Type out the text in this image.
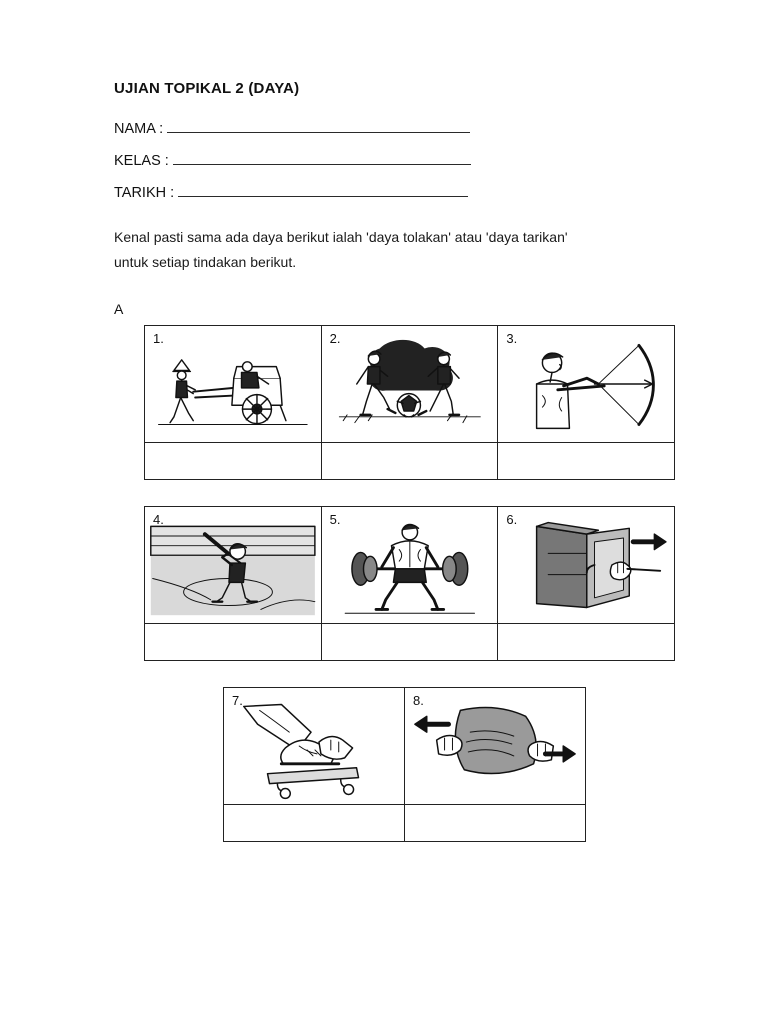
UJIAN TOPIKAL 2 (DAYA)
NAMA :
KELAS :
TARIKH :
Kenal pasti sama ada daya berikut ialah 'daya tolakan' atau 'daya tarikan'
untuk setiap tindakan berikut.
A
1.	2.	3.
4.	5.	6.
7.	8.
